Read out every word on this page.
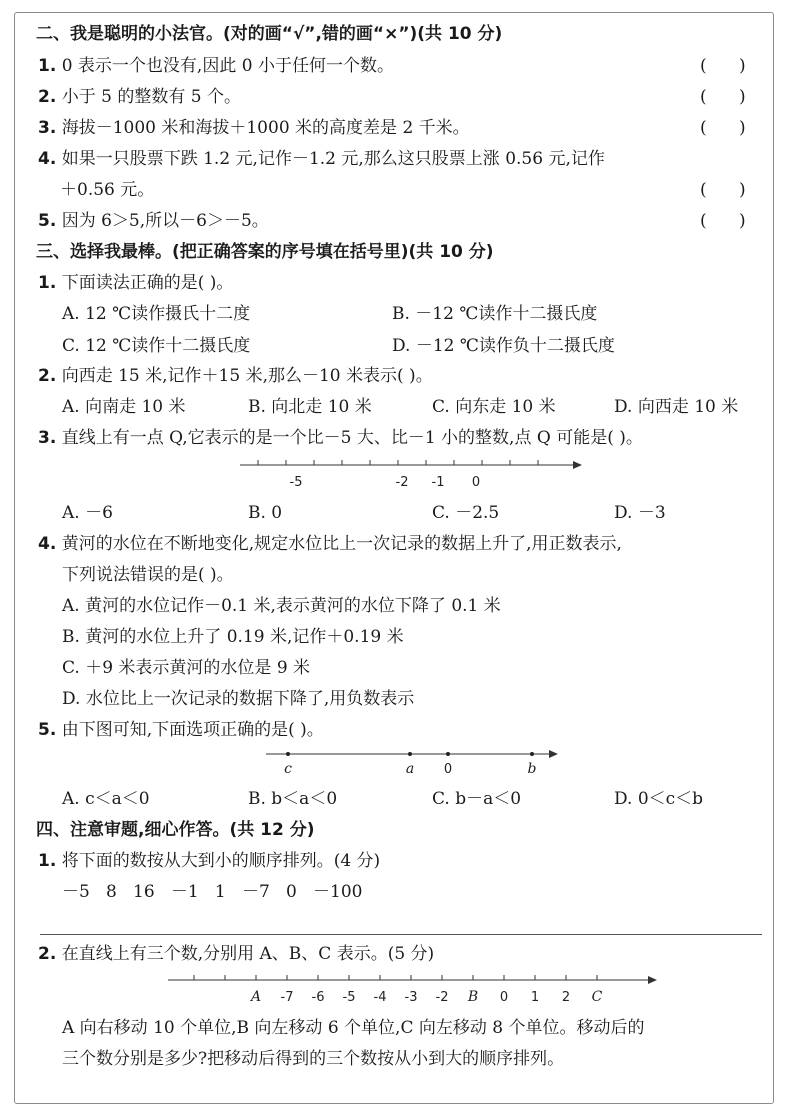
二、我是聪明的小法官。(对的画“√”,错的画“×”)(共 10 分)
1. 0 表示一个也没有,因此 0 小于任何一个数。	(      )
2. 小于 5 的整数有 5 个。	(      )
3. 海拔－1000 米和海拔＋1000 米的高度差是 2 千米。	(      )
4. 如果一只股票下跌 1.2 元,记作－1.2 元,那么这只股票上涨 0.56 元,记作
＋0.56 元。	(      )
5. 因为 6＞5,所以－6＞－5。	(      )
三、选择我最棒。(把正确答案的序号填在括号里)(共 10 分)
1. 下面读法正确的是( )。
A. 12 ℃读作摄氏十二度	B. －12 ℃读作十二摄氏度
C. 12 ℃读作十二摄氏度	D. －12 ℃读作负十二摄氏度
2. 向西走 15 米,记作＋15 米,那么－10 米表示( )。
A. 向南走 10 米	B. 向北走 10 米	C. 向东走 10 米	D. 向西走 10 米
3. 直线上有一点 Q,它表示的是一个比－5 大、比－1 小的整数,点 Q 可能是( )。
-5	-2 -1 0
A. －6	B. 0	C. －2.5	D. －3
4. 黄河的水位在不断地变化,规定水位比上一次记录的数据上升了,用正数表示,
下列说法错误的是( )。
A. 黄河的水位记作－0.1 米,表示黄河的水位下降了 0.1 米
B. 黄河的水位上升了 0.19 米,记作＋0.19 米
C. ＋9 米表示黄河的水位是 9 米
D. 水位比上一次记录的数据下降了,用负数表示
5. 由下图可知,下面选项正确的是( )。
c	a 0	b
A. c＜a＜0	B. b＜a＜0	C. b－a＜0	D. 0＜c＜b
四、注意审题,细心作答。(共 12 分)
1. 将下面的数按从大到小的顺序排列。(4 分)
－5   8   16   －1   1   －7   0   －100
2. 在直线上有三个数,分别用 A、B、C 表示。(5 分)
A -7 -6 -5 -4 -3 -2 B 0 1 2 C
A 向右移动 10 个单位,B 向左移动 6 个单位,C 向左移动 8 个单位。移动后的
三个数分别是多少?把移动后得到的三个数按从小到大的顺序排列。
